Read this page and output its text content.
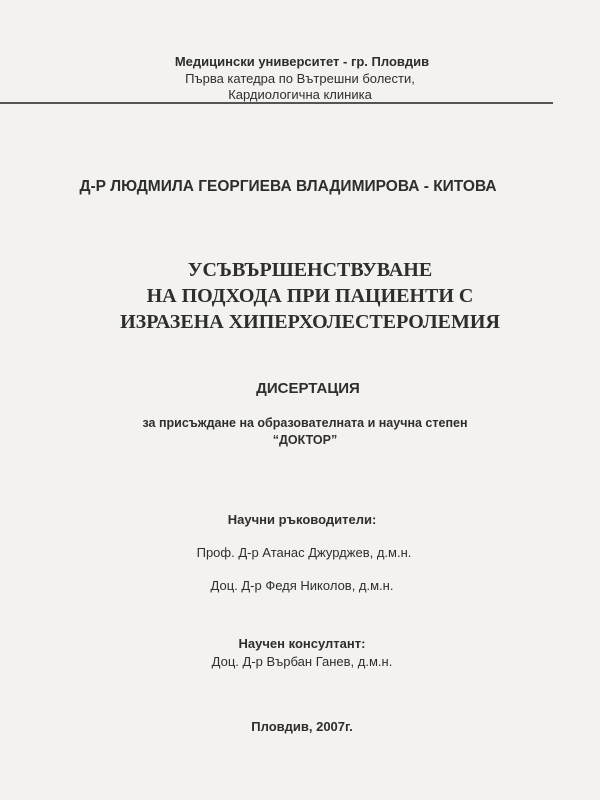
Медицински университет - гр. Пловдив
Първа катедра по Вътрешни болести,
Кардиологична клиника
Д-Р ЛЮДМИЛА ГЕОРГИЕВА ВЛАДИМИРОВА - КИТОВА
УСЪВЪРШЕНСТВУВАНЕ
НА ПОДХОДА ПРИ ПАЦИЕНТИ С
ИЗРАЗЕНА ХИПЕРХОЛЕСТЕРОЛЕМИЯ
ДИСЕРТАЦИЯ
за присъждане на образователната и научна степен
“ДОКТОР”
Научни ръководители:
Проф. Д-р Атанас Джурджев, д.м.н.
Доц. Д-р Федя Николов, д.м.н.
Научен консултант:
Доц. Д-р Върбан Ганев, д.м.н.
Пловдив, 2007г.
